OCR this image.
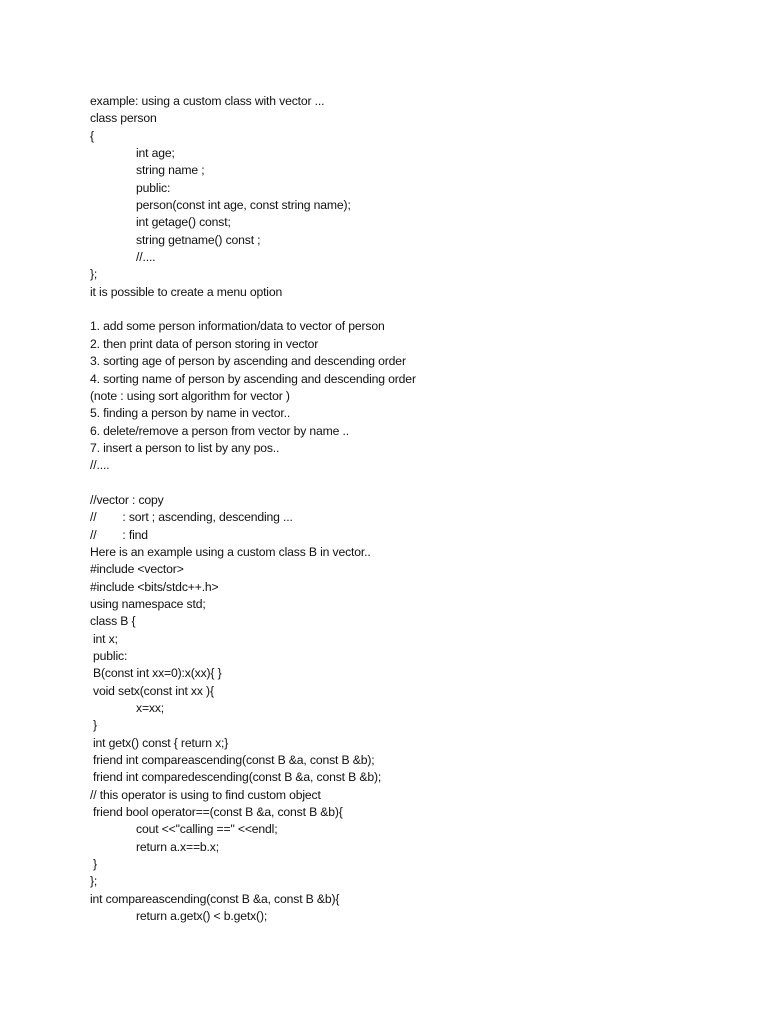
example: using a custom class with vector ...
class person
{
int age;
string name ;
public:
person(const int age, const string name);
int getage() const;
string getname() const ;
//....
};
it is possible to create a menu option
1. add some person information/data to vector of person
2. then print data of person storing in vector
3. sorting age of person by ascending and descending order
4. sorting name of person by ascending and descending order
(note : using sort algorithm for vector )
5. finding a person by name in vector..
6. delete/remove a person from vector by name ..
7. insert a person to list by any pos..
//....
//vector : copy
//        : sort ; ascending, descending ...
//        : find
Here is an example using a custom class B in vector..
#include <vector>
#include <bits/stdc++.h>
using namespace std;
class B {
int x;
public:
B(const int xx=0):x(xx){ }
void setx(const int xx ){
x=xx;
}
int getx() const { return x;}
friend int compareascending(const B &a, const B &b);
friend int comparedescending(const B &a, const B &b);
// this operator is using to find custom object
friend bool operator==(const B &a, const B &b){
cout <<"calling ==" <<endl;
return a.x==b.x;
}
};
int compareascending(const B &a, const B &b){
return a.getx() < b.getx();
